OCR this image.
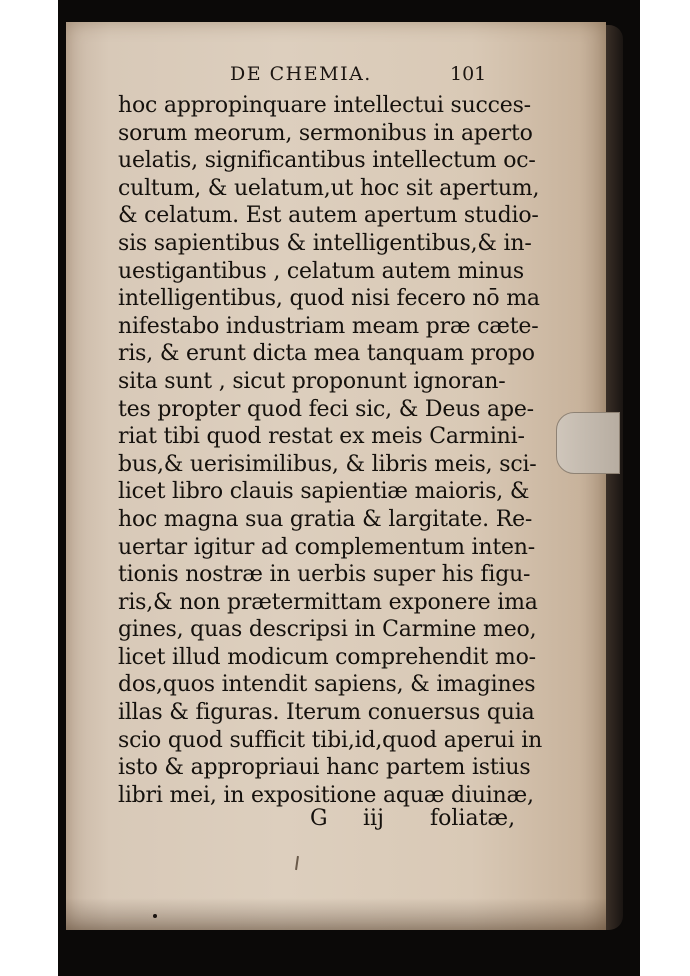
DE CHEMIA.	101
hoc appropinquare intellectui succes-
sorum meorum, sermonibus in aperto
uelatis, significantibus intellectum oc-
cultum, & uelatum,ut hoc sit apertum,
& celatum. Est autem apertum studio-
sis sapientibus & intelligentibus,& in-
uestigantibus , celatum autem minus
intelligentibus, quod nisi fecero nō ma
nifestabo industriam meam præ cæte-
ris, & erunt dicta mea tanquam propo
sita sunt , sicut proponunt ignoran-
tes propter quod feci sic, & Deus ape-
riat tibi quod restat ex meis Carmini-
bus,& uerisimilibus, & libris meis, sci-
licet libro clauis sapientiæ maioris, &
hoc magna sua gratia & largitate. Re-
uertar igitur ad complementum inten-
tionis nostræ in uerbis super his figu-
ris,& non prætermittam exponere ima
gines, quas descripsi in Carmine meo,
licet illud modicum comprehendit mo-
dos,quos intendit sapiens, & imagines
illas & figuras. Iterum conuersus quia
scio quod sufficit tibi,id,quod aperui in
isto & appropriaui hanc partem istius
libri mei, in expositione aquæ diuinæ,
G iij foliatæ,
